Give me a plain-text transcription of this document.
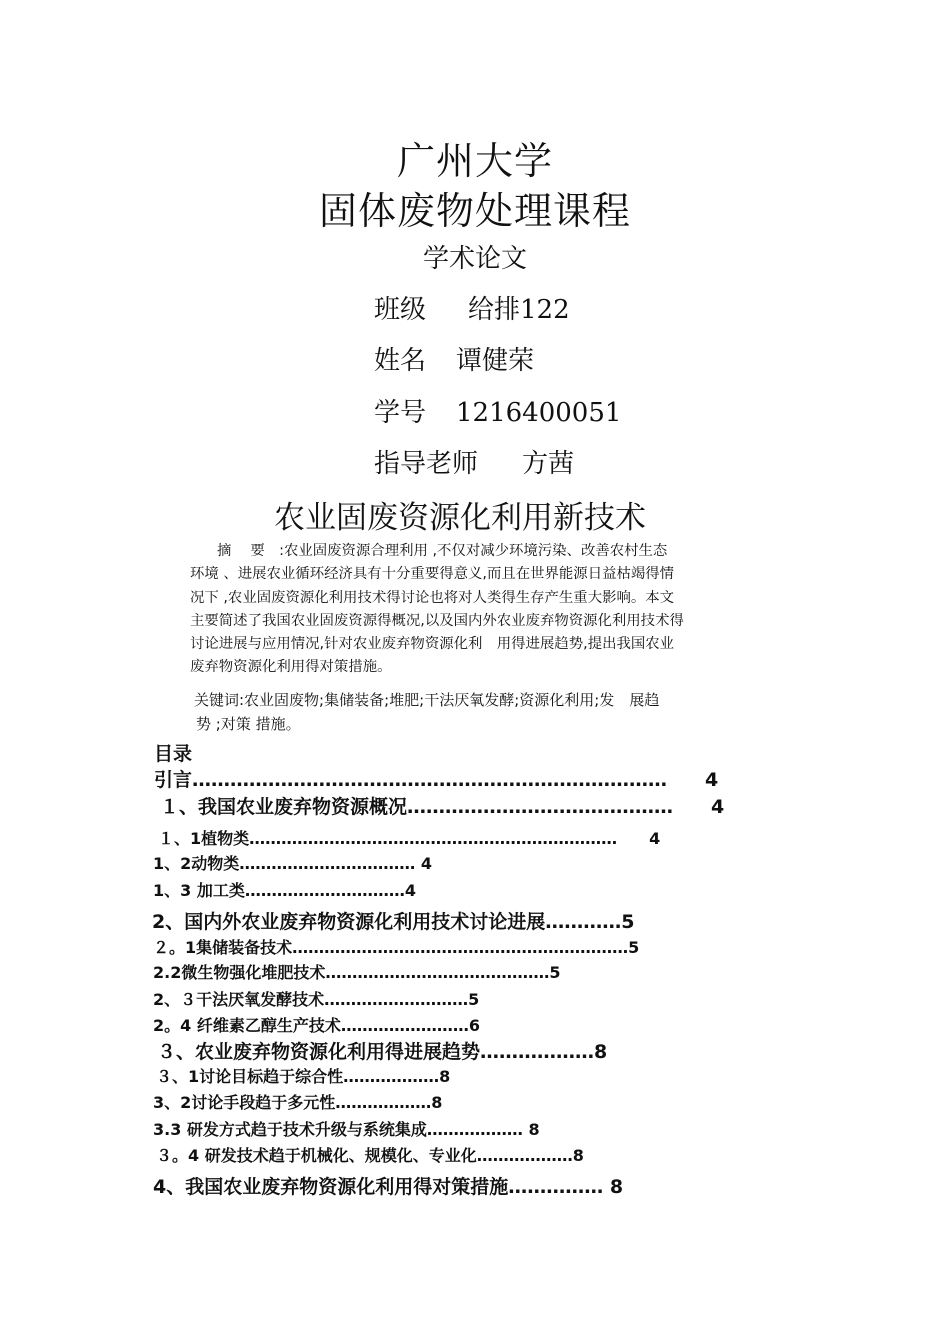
广州大学
固体废物处理课程
学术论文
班级 给排122
姓名 谭健荣
学号 1216400051
指导老师 方茜
农业固废资源化利用新技术
摘　 要　:农业固废资源合理利用 ,不仅对减少环境污染、改善农村生态
环境 、进展农业循环经济具有十分重要得意义,而且在世界能源日益枯竭得情
况下 ,农业固废资源化利用技术得讨论也将对人类得生存产生重大影响。本文
主要简述了我国农业固废资源得概况,以及国内外农业废弃物资源化利用技术得
讨论进展与应用情况,针对农业废弃物资源化利　用得进展趋势,提出我国农业
废弃物资源化利用得对策措施。
关键词:农业固废物;集储装备;堆肥;干法厌氧发酵;资源化利用;发　展趋
势 ;对策 措施。
目录
引言…………………………………………………………………　　4
１、我国农业废弃物资源概况……………………………………　　4
１、1植物类……………………………………………………………　　4
1、2动物类…………………………… 4
1、3 加工类…………………………4
2、国内外农业废弃物资源化利用技术讨论进展…………5
２。1集储装备技术………………………………………………………5
2.2微生物强化堆肥技术……………………………………5
2、３干法厌氧发酵技术………………………5
2。4 纤维素乙醇生产技术……………………6
３、农业废弃物资源化利用得进展趋势………………8
３、1讨论目标趋于综合性………………8
3、2讨论手段趋于多元性………………8
3.3 研发方式趋于技术升级与系统集成……………… 8
３。4 研发技术趋于机械化、规模化、专业化………………8
4、我国农业废弃物资源化利用得对策措施…………… 8
